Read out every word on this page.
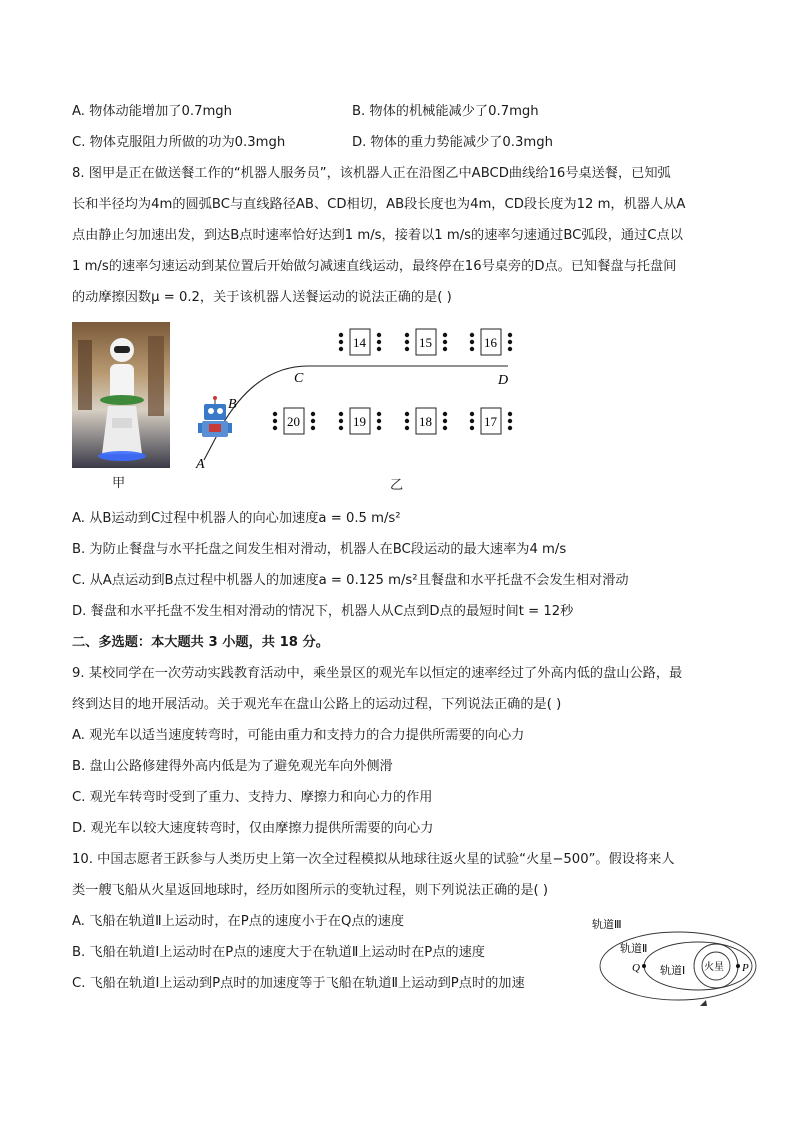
A. 物体动能增加了0.7mgh	B. 物体的机械能减少了0.7mgh
C. 物体克服阻力所做的功为0.3mgh	D. 物体的重力势能减少了0.3mgh
8. 图甲是正在做送餐工作的“机器人服务员”，该机器人正在沿图乙中ABCD曲线给16号桌送餐，已知弧
长和半径均为4m的圆弧BC与直线路径AB、CD相切，AB段长度也为4m，CD段长度为12 m，机器人从A
点由静止匀加速出发，到达B点时速率恰好达到1 m/s，接着以1 m/s的速率匀速通过BC弧段，通过C点以
1 m/s的速率匀速运动到某位置后开始做匀减速直线运动，最终停在16号桌旁的D点。已知餐盘与托盘间
的动摩擦因数μ = 0.2，关于该机器人送餐运动的说法正确的是( )
甲	乙
A
B
C	D
14	15	16
20	19	18	17
A. 从B运动到C过程中机器人的向心加速度a = 0.5 m/s²
B. 为防止餐盘与水平托盘之间发生相对滑动，机器人在BC段运动的最大速率为4 m/s
C. 从A点运动到B点过程中机器人的加速度a = 0.125 m/s²且餐盘和水平托盘不会发生相对滑动
D. 餐盘和水平托盘不发生相对滑动的情况下，机器人从C点到D点的最短时间t = 12秒
二、多选题：本大题共 3 小题，共 18 分。
9. 某校同学在一次劳动实践教育活动中，乘坐景区的观光车以恒定的速率经过了外高内低的盘山公路，最
终到达目的地开展活动。关于观光车在盘山公路上的运动过程，下列说法正确的是( )
A. 观光车以适当速度转弯时，可能由重力和支持力的合力提供所需要的向心力
B. 盘山公路修建得外高内低是为了避免观光车向外侧滑
C. 观光车转弯时受到了重力、支持力、摩擦力和向心力的作用
D. 观光车以较大速度转弯时，仅由摩擦力提供所需要的向心力
10. 中国志愿者王跃参与人类历史上第一次全过程模拟从地球往返火星的试验“火星−500”。假设将来人
类一艘飞船从火星返回地球时，经历如图所示的变轨过程，则下列说法正确的是( )
A. 飞船在轨道Ⅱ上运动时，在P点的速度小于在Q点的速度
B. 飞船在轨道Ⅰ上运动时在P点的速度大于在轨道Ⅱ上运动时在P点的速度
C. 飞船在轨道Ⅰ上运动到P点时的加速度等于飞船在轨道Ⅱ上运动到P点时的加速
轨道Ⅲ
轨道Ⅱ
轨道Ⅰ 火星 P
Q
